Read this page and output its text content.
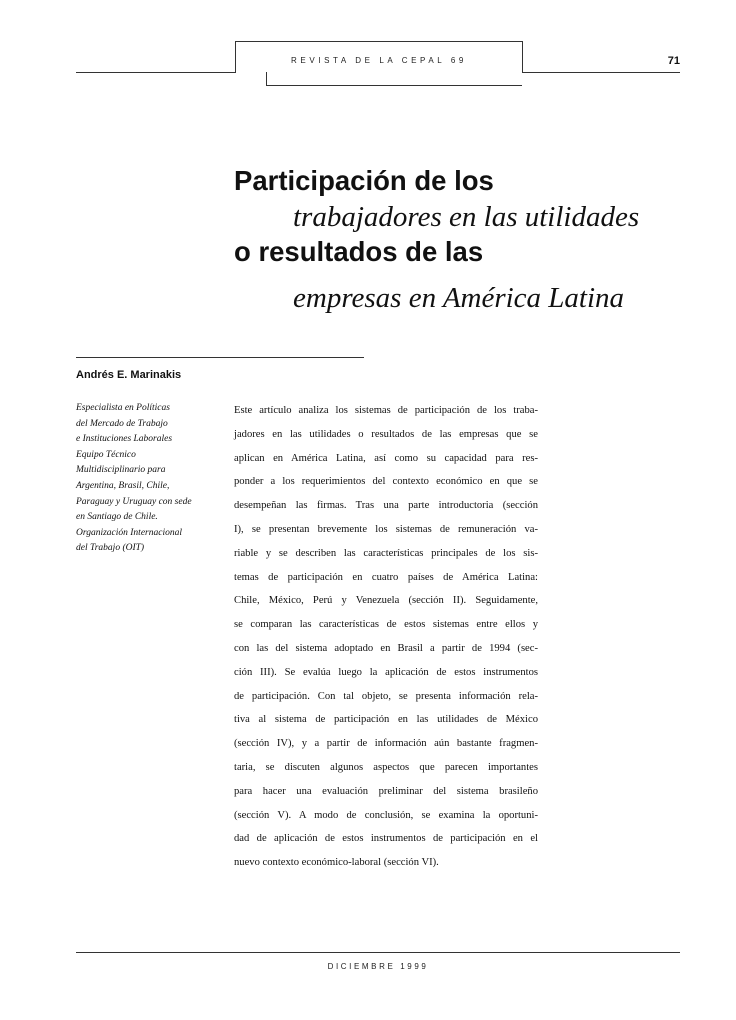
REVISTA DE LA CEPAL 69	71
Participación de los
trabajadores en las utilidades
o resultados de las
empresas en América Latina
Andrés E. Marinakis
Especialista en Políticas
del Mercado de Trabajo
e Instituciones Laborales
Equipo Técnico
Multidisciplinario para
Argentina, Brasil, Chile,
Paraguay y Uruguay con sede
en Santiago de Chile.
Organización Internacional
del Trabajo (OIT)
Este artículo analiza los sistemas de participación de los traba-
jadores en las utilidades o resultados de las empresas que se
aplican en América Latina, así como su capacidad para res-
ponder a los requerimientos del contexto económico en que se
desempeñan las firmas. Tras una parte introductoria (sección
I), se presentan brevemente los sistemas de remuneración va-
riable y se describen las características principales de los sis-
temas de participación en cuatro países de América Latina:
Chile, México, Perú y Venezuela (sección II). Seguidamente,
se comparan las características de estos sistemas entre ellos y
con las del sistema adoptado en Brasil a partir de 1994 (sec-
ción III). Se evalúa luego la aplicación de estos instrumentos
de participación. Con tal objeto, se presenta información rela-
tiva al sistema de participación en las utilidades de México
(sección IV), y a partir de información aún bastante fragmen-
taria, se discuten algunos aspectos que parecen importantes
para hacer una evaluación preliminar del sistema brasileño
(sección V). A modo de conclusión, se examina la oportuni-
dad de aplicación de estos instrumentos de participación en el
nuevo contexto económico-laboral (sección VI).
DICIEMBRE 1999
